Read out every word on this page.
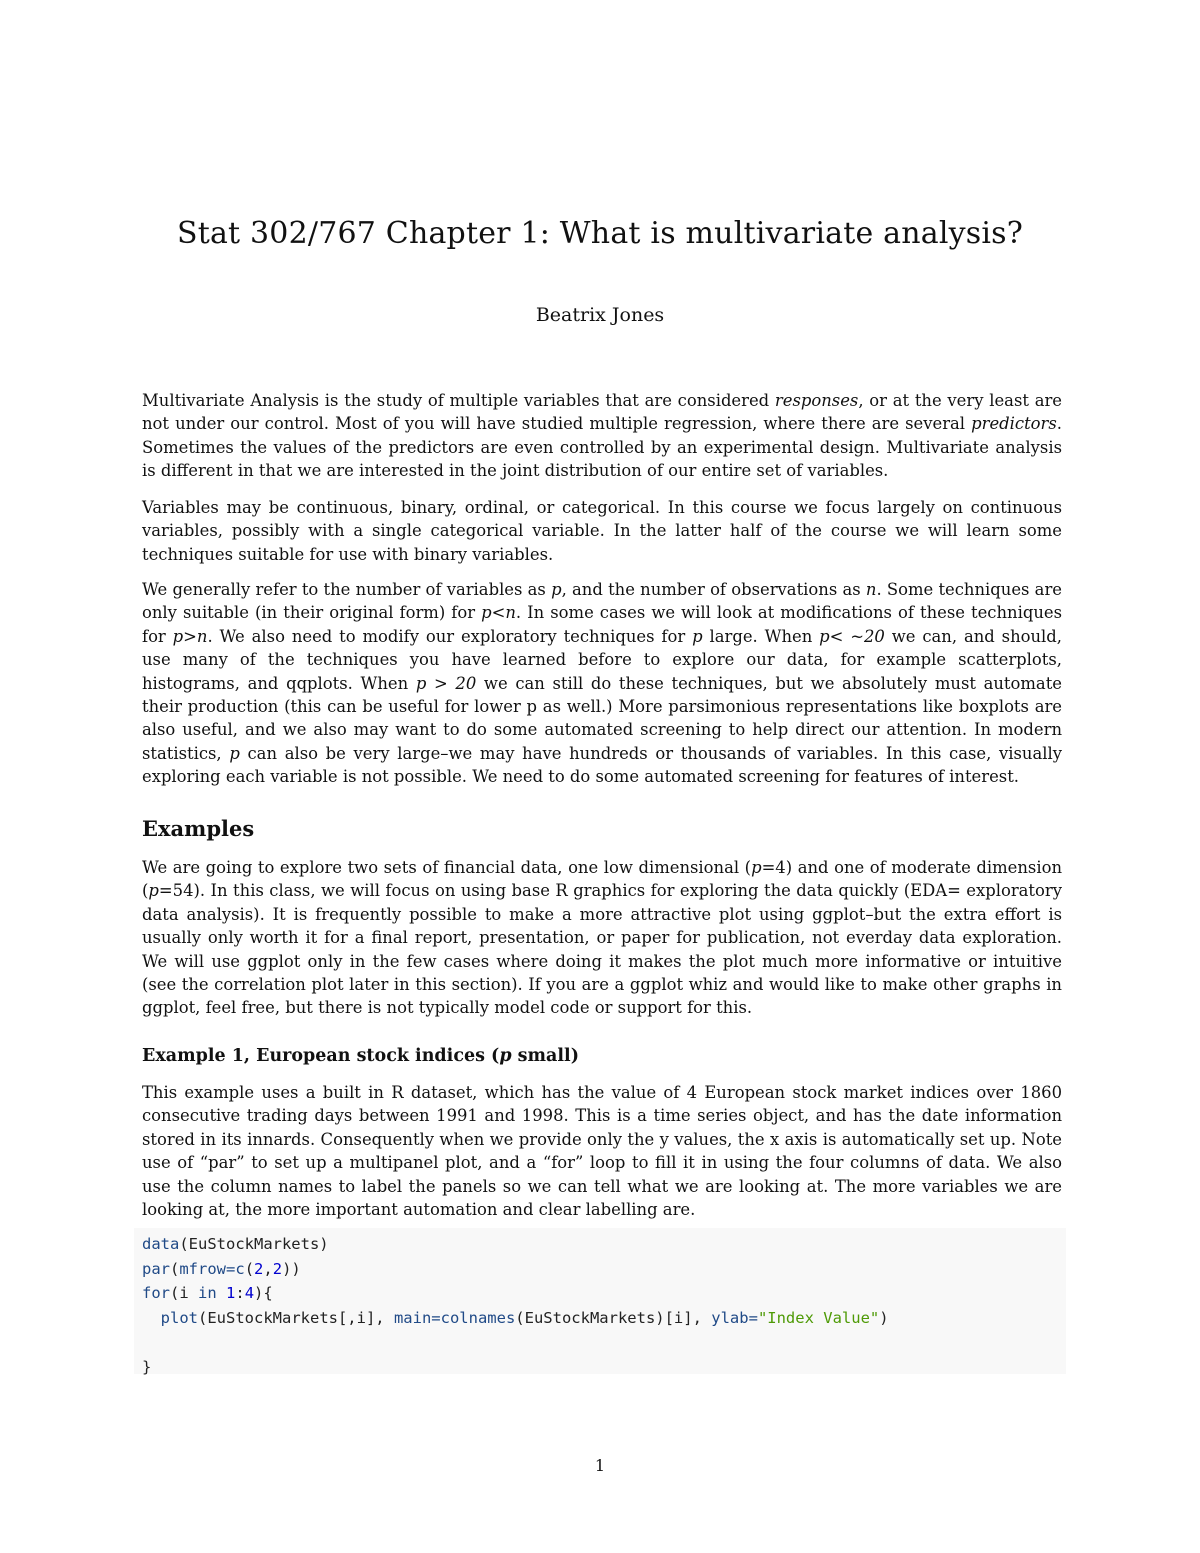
Stat 302/767 Chapter 1: What is multivariate analysis?

Beatrix Jones

Multivariate Analysis is the study of multiple variables that are considered responses, or at the very least are not under our control. Most of you will have studied multiple regression, where there are several predictors. Sometimes the values of the predictors are even controlled by an experimental design. Multivariate analysis is different in that we are interested in the joint distribution of our entire set of variables.

Variables may be continuous, binary, ordinal, or categorical. In this course we focus largely on continuous variables, possibly with a single categorical variable. In the latter half of the course we will learn some techniques suitable for use with binary variables.

We generally refer to the number of variables as p, and the number of observations as n. Some techniques are only suitable (in their original form) for p<n. In some cases we will look at modifications of these techniques for p>n. We also need to modify our exploratory techniques for p large. When p< ~20 we can, and should, use many of the techniques you have learned before to explore our data, for example scatterplots, histograms, and qqplots. When p > 20 we can still do these techniques, but we absolutely must automate their production (this can be useful for lower p as well.) More parsimonious representations like boxplots are also useful, and we also may want to do some automated screening to help direct our attention. In modern statistics, p can also be very large–we may have hundreds or thousands of variables. In this case, visually exploring each variable is not possible. We need to do some automated screening for features of interest.

Examples

We are going to explore two sets of financial data, one low dimensional (p=4) and one of moderate dimension (p=54). In this class, we will focus on using base R graphics for exploring the data quickly (EDA= exploratory data analysis). It is frequently possible to make a more attractive plot using ggplot–but the extra effort is usually only worth it for a final report, presentation, or paper for publication, not everday data exploration. We will use ggplot only in the few cases where doing it makes the plot much more informative or intuitive (see the correlation plot later in this section). If you are a ggplot whiz and would like to make other graphs in ggplot, feel free, but there is not typically model code or support for this.

Example 1, European stock indices (p small)

This example uses a built in R dataset, which has the value of 4 European stock market indices over 1860 consecutive trading days between 1991 and 1998. This is a time series object, and has the date information stored in its innards. Consequently when we provide only the y values, the x axis is automatically set up. Note use of “par” to set up a multipanel plot, and a “for” loop to fill it in using the four columns of data. We also use the column names to label the panels so we can tell what we are looking at. The more variables we are looking at, the more important automation and clear labelling are.

data(EuStockMarkets)
par(mfrow=c(2,2))
for(i in 1:4){
plot(EuStockMarkets[,i], main=colnames(EuStockMarkets)[i], ylab="Index Value")
}

1
